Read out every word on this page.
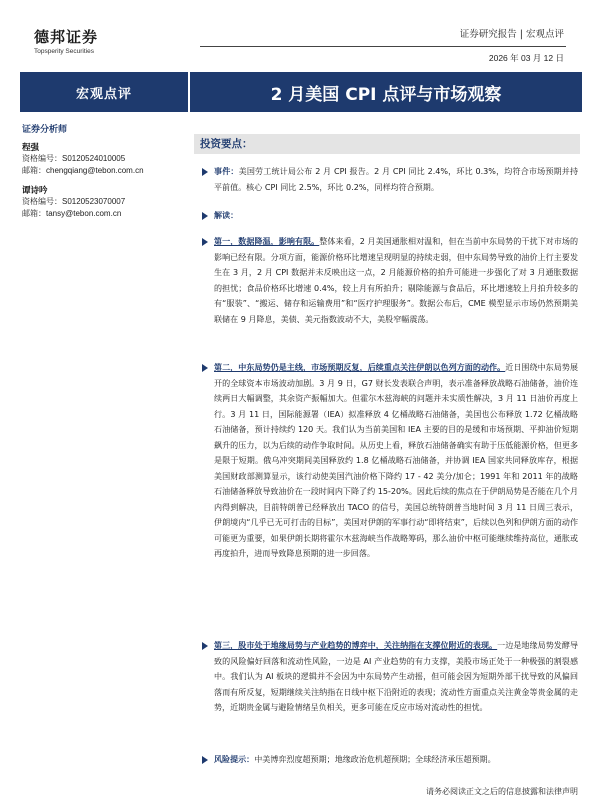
德邦证券
Topsperity Securities
证券研究报告 | 宏观点评
2026 年 03 月 12 日
宏观点评	2 月美国 CPI 点评与市场观察
证券分析师
程强
资格编号：S0120524010005
邮箱：chengqiang@tebon.com.cn
谭诗吟
资格编号：S0120523070007
邮箱：tansy@tebon.com.cn
投资要点：
事件：美国劳工统计局公布 2 月 CPI 报告。2 月 CPI 同比 2.4%，环比 0.3%，均符合市场预期并持平前值。核心 CPI 同比 2.5%，环比 0.2%，同样均符合预期。
解读：
第一，数据降温，影响有限。整体来看，2 月美国通胀相对温和，但在当前中东局势的干扰下对市场的影响已经有限。分项方面，能源价格环比增速呈现明显的持续走弱，但中东局势导致的油价上行主要发生在 3 月，2 月 CPI 数据并未反映出这一点，2 月能源价格的拍升可能进一步强化了对 3 月通胀数据的担忧；食品价格环比增速 0.4%，较上月有所拍升；剔除能源与食品后，环比增速较上月拍升较多的有“服装”、“搬运、储存和运输费用”和“医疗护理服务”。数据公布后，CME 模型显示市场仍然预期美联储在 9 月降息，美债、美元指数波动不大，美股窄幅震荡。
第二，中东局势仍是主线，市场预期反复，后续重点关注伊朗以色列方面的动作。近日围绕中东局势展开的全球资本市场波动加剧。3 月 9 日，G7 财长发表联合声明，表示准备释放战略石油储备，油价连续两日大幅调整，其余资产振幅加大。但霍尔木兹海峡的问题并未实质性解决，3 月 11 日油价再度上行。3 月 11 日，国际能源署（IEA）拟准释放 4 亿桶战略石油储备，美国也公布释放 1.72 亿桶战略石油储备，预计持续约 120 天。我们认为当前美国和 IEA 主要的目的是缓和市场预期、平抑油价短期飙升的压力，以为后续的动作争取时间。从历史上看，释放石油储备确实有助于压低能源价格，但更多是限于短期。俄乌冲突期间美国释放约 1.8 亿桶战略石油储备，并协调 IEA 国家共同释放库存，根据美国财政部测算显示，该行动使美国汽油价格下降约 17 - 42 美分/加仑；1991 年和 2011 年的战略石油储备释放导致油价在一段时间内下降了约 15-20%。因此后续的焦点在于伊朗局势是否能在几个月内得到解决，目前特朗普已经释放出 TACO 的信号，美国总统特朗普当地时间 3 月 11 日周三表示，伊朗境内“几乎已无可打击的目标”，美国对伊朗的军事行动“即将结束”，后续以色列和伊朗方面的动作可能更为重要，如果伊朗长期将霍尔木兹海峡当作战略筹码，那么油价中枢可能继续维持高位，通胀或再度拍升，进而导致降息预期的进一步回落。
第三，股市处于地缘局势与产业趋势的博弈中，关注纳指在支撑位附近的表现。一边是地缘局势发酵导致的风险偏好回落和流动性风险，一边是 AI 产业趋势的有力支撑，美股市场正处于一种极强的割裂感中。我们认为 AI 板块的逻辑并不会因为中东局势产生动摇，但可能会因为短期外部干扰导致的风偏回落而有所反复，短期继续关注纳指在日线中枢下沿附近的表现；流动性方面重点关注黄金等贵金属的走势，近期贵金属与避险情绪呈负相关，更多可能在反应市场对流动性的担忧。
风险提示：中美博弈烈度超预期；地缘政治危机超预期；全球经济承压超预期。
请务必阅读正文之后的信息披露和法律声明
